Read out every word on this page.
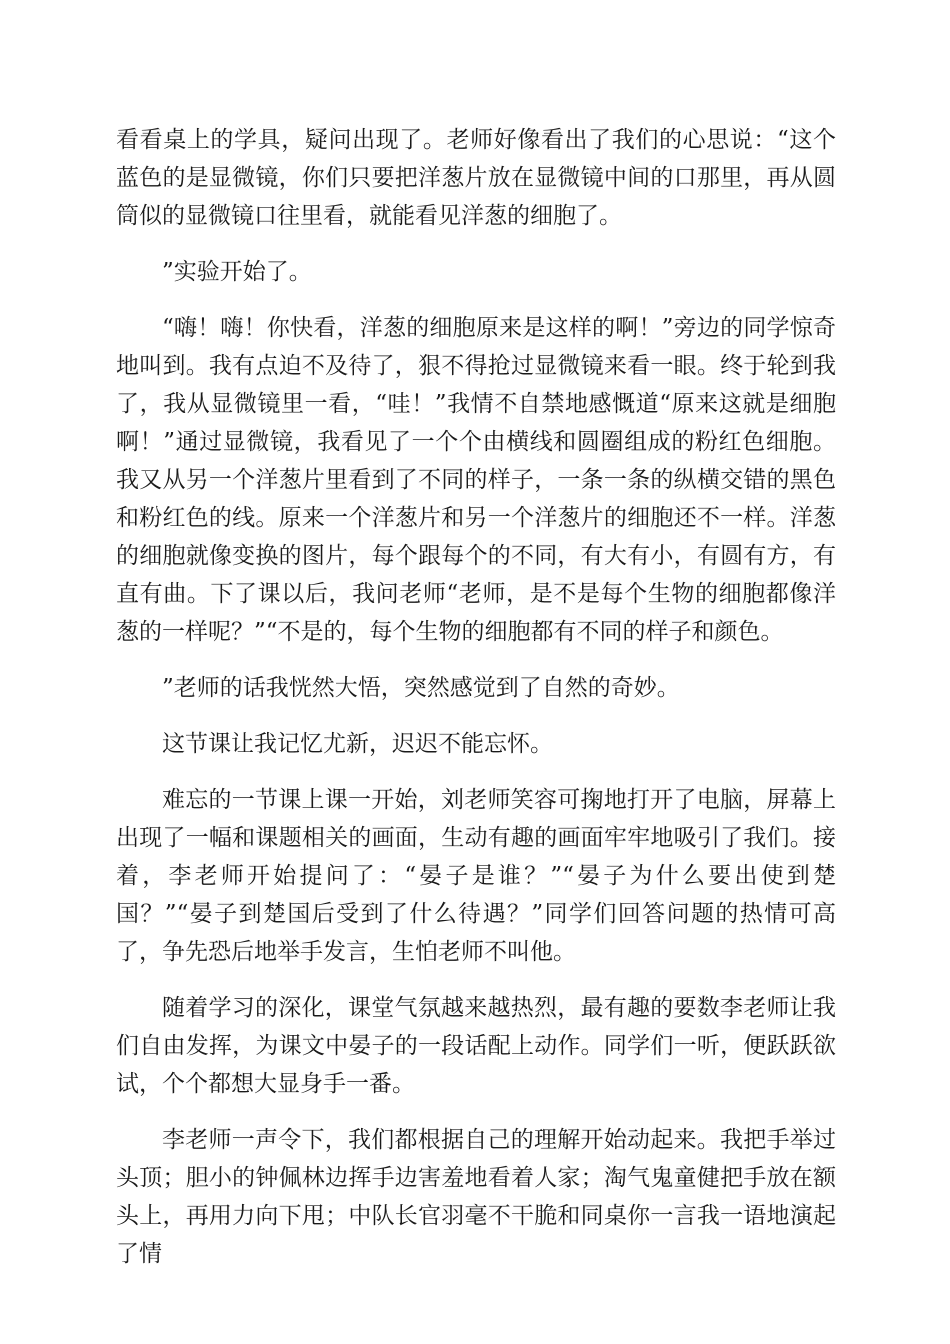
看看桌上的学具，疑问出现了。老师好像看出了我们的心思说：“这个蓝色的是显微镜，你们只要把洋葱片放在显微镜中间的口那里，再从圆筒似的显微镜口往里看，就能看见洋葱的细胞了。

”实验开始了。

“嗨！嗨！你快看，洋葱的细胞原来是这样的啊！”旁边的同学惊奇地叫到。我有点迫不及待了，狠不得抢过显微镜来看一眼。终于轮到我了，我从显微镜里一看，“哇！”我情不自禁地感慨道“原来这就是细胞啊！”通过显微镜，我看见了一个个由横线和圆圈组成的粉红色细胞。我又从另一个洋葱片里看到了不同的样子，一条一条的纵横交错的黑色和粉红色的线。原来一个洋葱片和另一个洋葱片的细胞还不一样。洋葱的细胞就像变换的图片，每个跟每个的不同，有大有小，有圆有方，有直有曲。下了课以后，我问老师“老师，是不是每个生物的细胞都像洋葱的一样呢？”“不是的，每个生物的细胞都有不同的样子和颜色。

”老师的话我恍然大悟，突然感觉到了自然的奇妙。

这节课让我记忆尤新，迟迟不能忘怀。

难忘的一节课上课一开始，刘老师笑容可掬地打开了电脑，屏幕上出现了一幅和课题相关的画面，生动有趣的画面牢牢地吸引了我们。接着，李老师开始提问了：“晏子是谁？”“晏子为什么要出使到楚国？”“晏子到楚国后受到了什么待遇？”同学们回答问题的热情可高了，争先恐后地举手发言，生怕老师不叫他。

随着学习的深化，课堂气氛越来越热烈，最有趣的要数李老师让我们自由发挥，为课文中晏子的一段话配上动作。同学们一听，便跃跃欲试，个个都想大显身手一番。

李老师一声令下，我们都根据自己的理解开始动起来。我把手举过头顶；胆小的钟佩林边挥手边害羞地看着人家；淘气鬼童健把手放在额头上，再用力向下甩；中队长官羽毫不干脆和同桌你一言我一语地演起了情
